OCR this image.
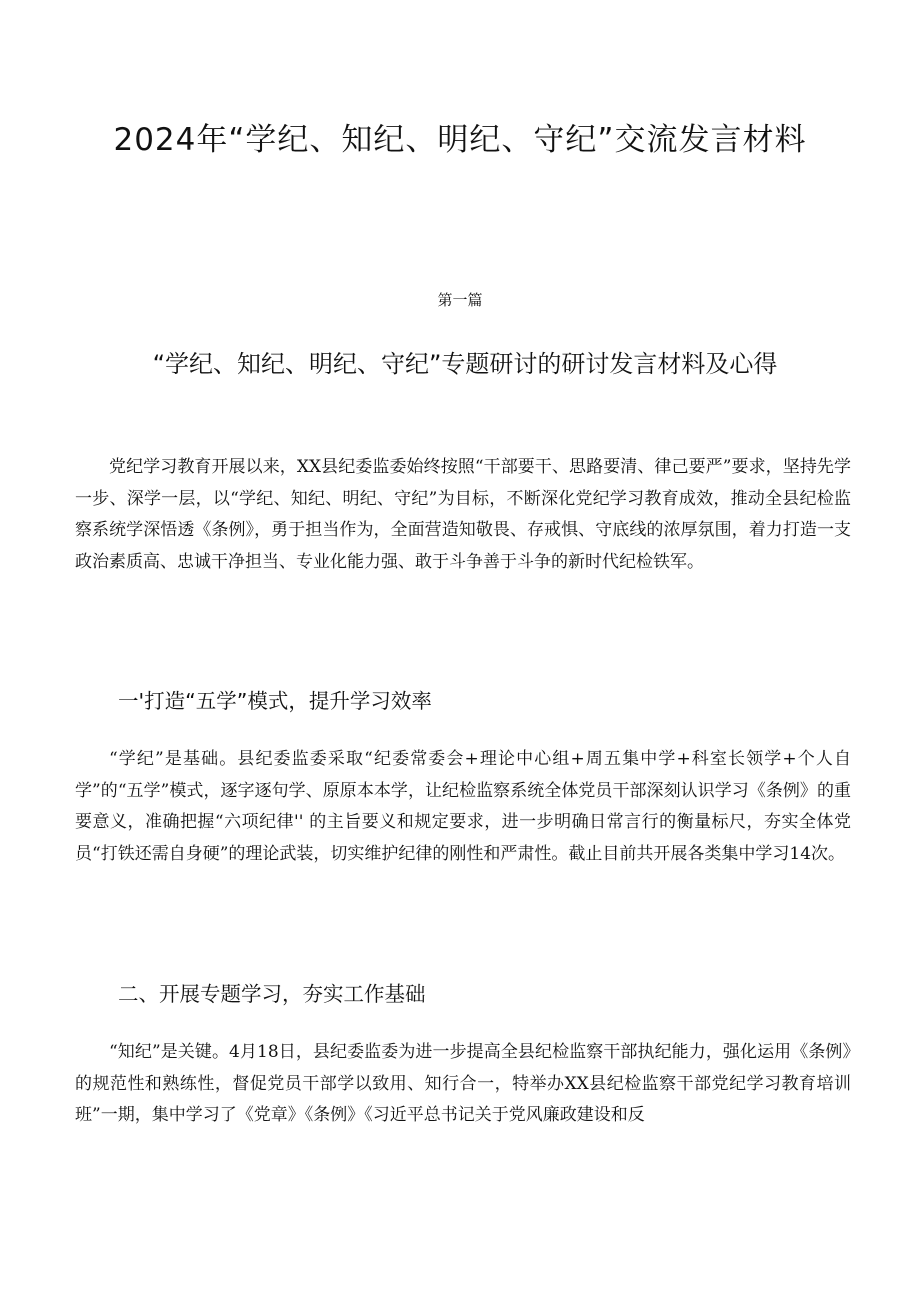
2024年“学纪、知纪、明纪、守纪”交流发言材料
第一篇
“学纪、知纪、明纪、守纪”专题研讨的研讨发言材料及心得

党纪学习教育开展以来，XX县纪委监委始终按照“干部要干、思路要清、律己要严”要求，坚持先学一步、深学一层，以“学纪、知纪、明纪、守纪”为目标，不断深化党纪学习教育成效，推动全县纪检监察系统学深悟透《条例》，勇于担当作为，全面营造知敬畏、存戒惧、守底线的浓厚氛围，着力打造一支政治素质高、忠诚干净担当、专业化能力强、敢于斗争善于斗争的新时代纪检铁军。

一'打造“五学”模式，提升学习效率

“学纪”是基础。县纪委监委采取“纪委常委会+理论中心组+周五集中学+科室长领学+个人自学”的“五学”模式，逐字逐句学、原原本本学，让纪检监察系统全体党员干部深刻认识学习《条例》的重要意义，准确把握“六项纪律'' 的主旨要义和规定要求，进一步明确日常言行的衡量标尺，夯实全体党员“打铁还需自身硬”的理论武装，切实维护纪律的刚性和严肃性。截止目前共开展各类集中学习14次。

二、开展专题学习，夯实工作基础

“知纪”是关键。4月18日，县纪委监委为进一步提高全县纪检监察干部执纪能力，强化运用《条例》的规范性和熟练性，督促党员干部学以致用、知行合一，特举办XX县纪检监察干部党纪学习教育培训班”一期，集中学习了《党章》《条例》《习近平总书记关于党风廉政建设和反
